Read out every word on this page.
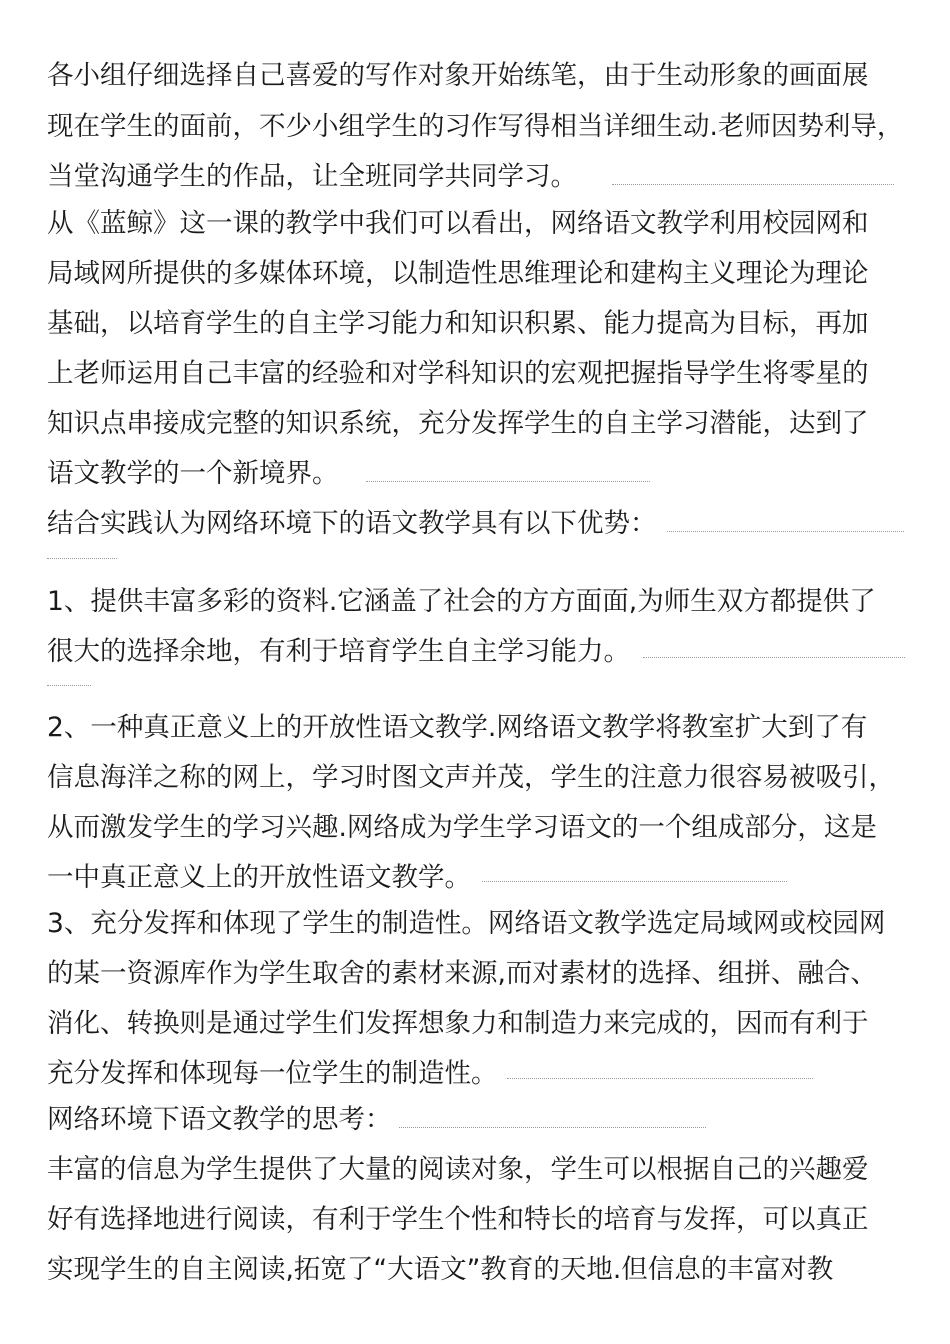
各小组仔细选择自己喜爱的写作对象开始练笔，由于生动形象的画面展
现在学生的面前，不少小组学生的习作写得相当详细生动.老师因势利导，
当堂沟通学生的作品，让全班同学共同学习。
从《蓝鲸》这一课的教学中我们可以看出，网络语文教学利用校园网和
局域网所提供的多媒体环境，以制造性思维理论和建构主义理论为理论
基础，以培育学生的自主学习能力和知识积累、能力提高为目标，再加
上老师运用自己丰富的经验和对学科知识的宏观把握指导学生将零星的
知识点串接成完整的知识系统，充分发挥学生的自主学习潜能，达到了
语文教学的一个新境界。
结合实践认为网络环境下的语文教学具有以下优势：
1、提供丰富多彩的资料.它涵盖了社会的方方面面,为师生双方都提供了
很大的选择余地，有利于培育学生自主学习能力。
2、一种真正意义上的开放性语文教学.网络语文教学将教室扩大到了有
信息海洋之称的网上，学习时图文声并茂，学生的注意力很容易被吸引，
从而激发学生的学习兴趣.网络成为学生学习语文的一个组成部分，这是
一中真正意义上的开放性语文教学。
3、充分发挥和体现了学生的制造性。网络语文教学选定局域网或校园网
的某一资源库作为学生取舍的素材来源,而对素材的选择、组拼、融合、
消化、转换则是通过学生们发挥想象力和制造力来完成的，因而有利于
充分发挥和体现每一位学生的制造性。
网络环境下语文教学的思考：
丰富的信息为学生提供了大量的阅读对象，学生可以根据自己的兴趣爱
好有选择地进行阅读，有利于学生个性和特长的培育与发挥，可以真正
实现学生的自主阅读,拓宽了“大语文”教育的天地.但信息的丰富对教
